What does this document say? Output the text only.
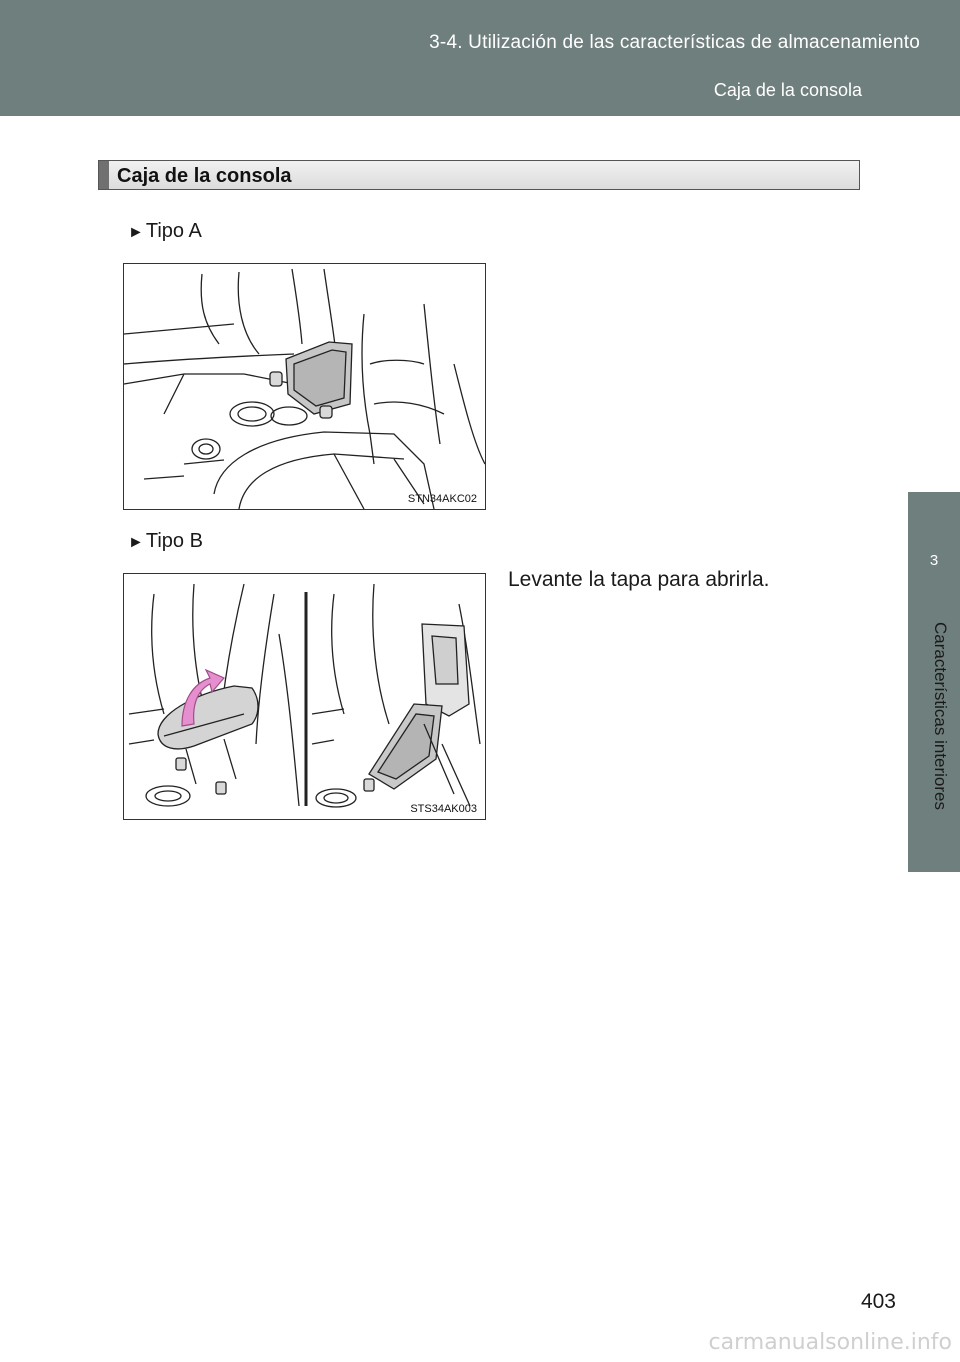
3-4. Utilización de las características de almacenamiento
Caja de la consola
3
Características interiores
Caja de la consola
► Tipo A
STN34AKC02
► Tipo B
Levante la tapa para abrirla.
STS34AK003
403
carmanualsonline.info
